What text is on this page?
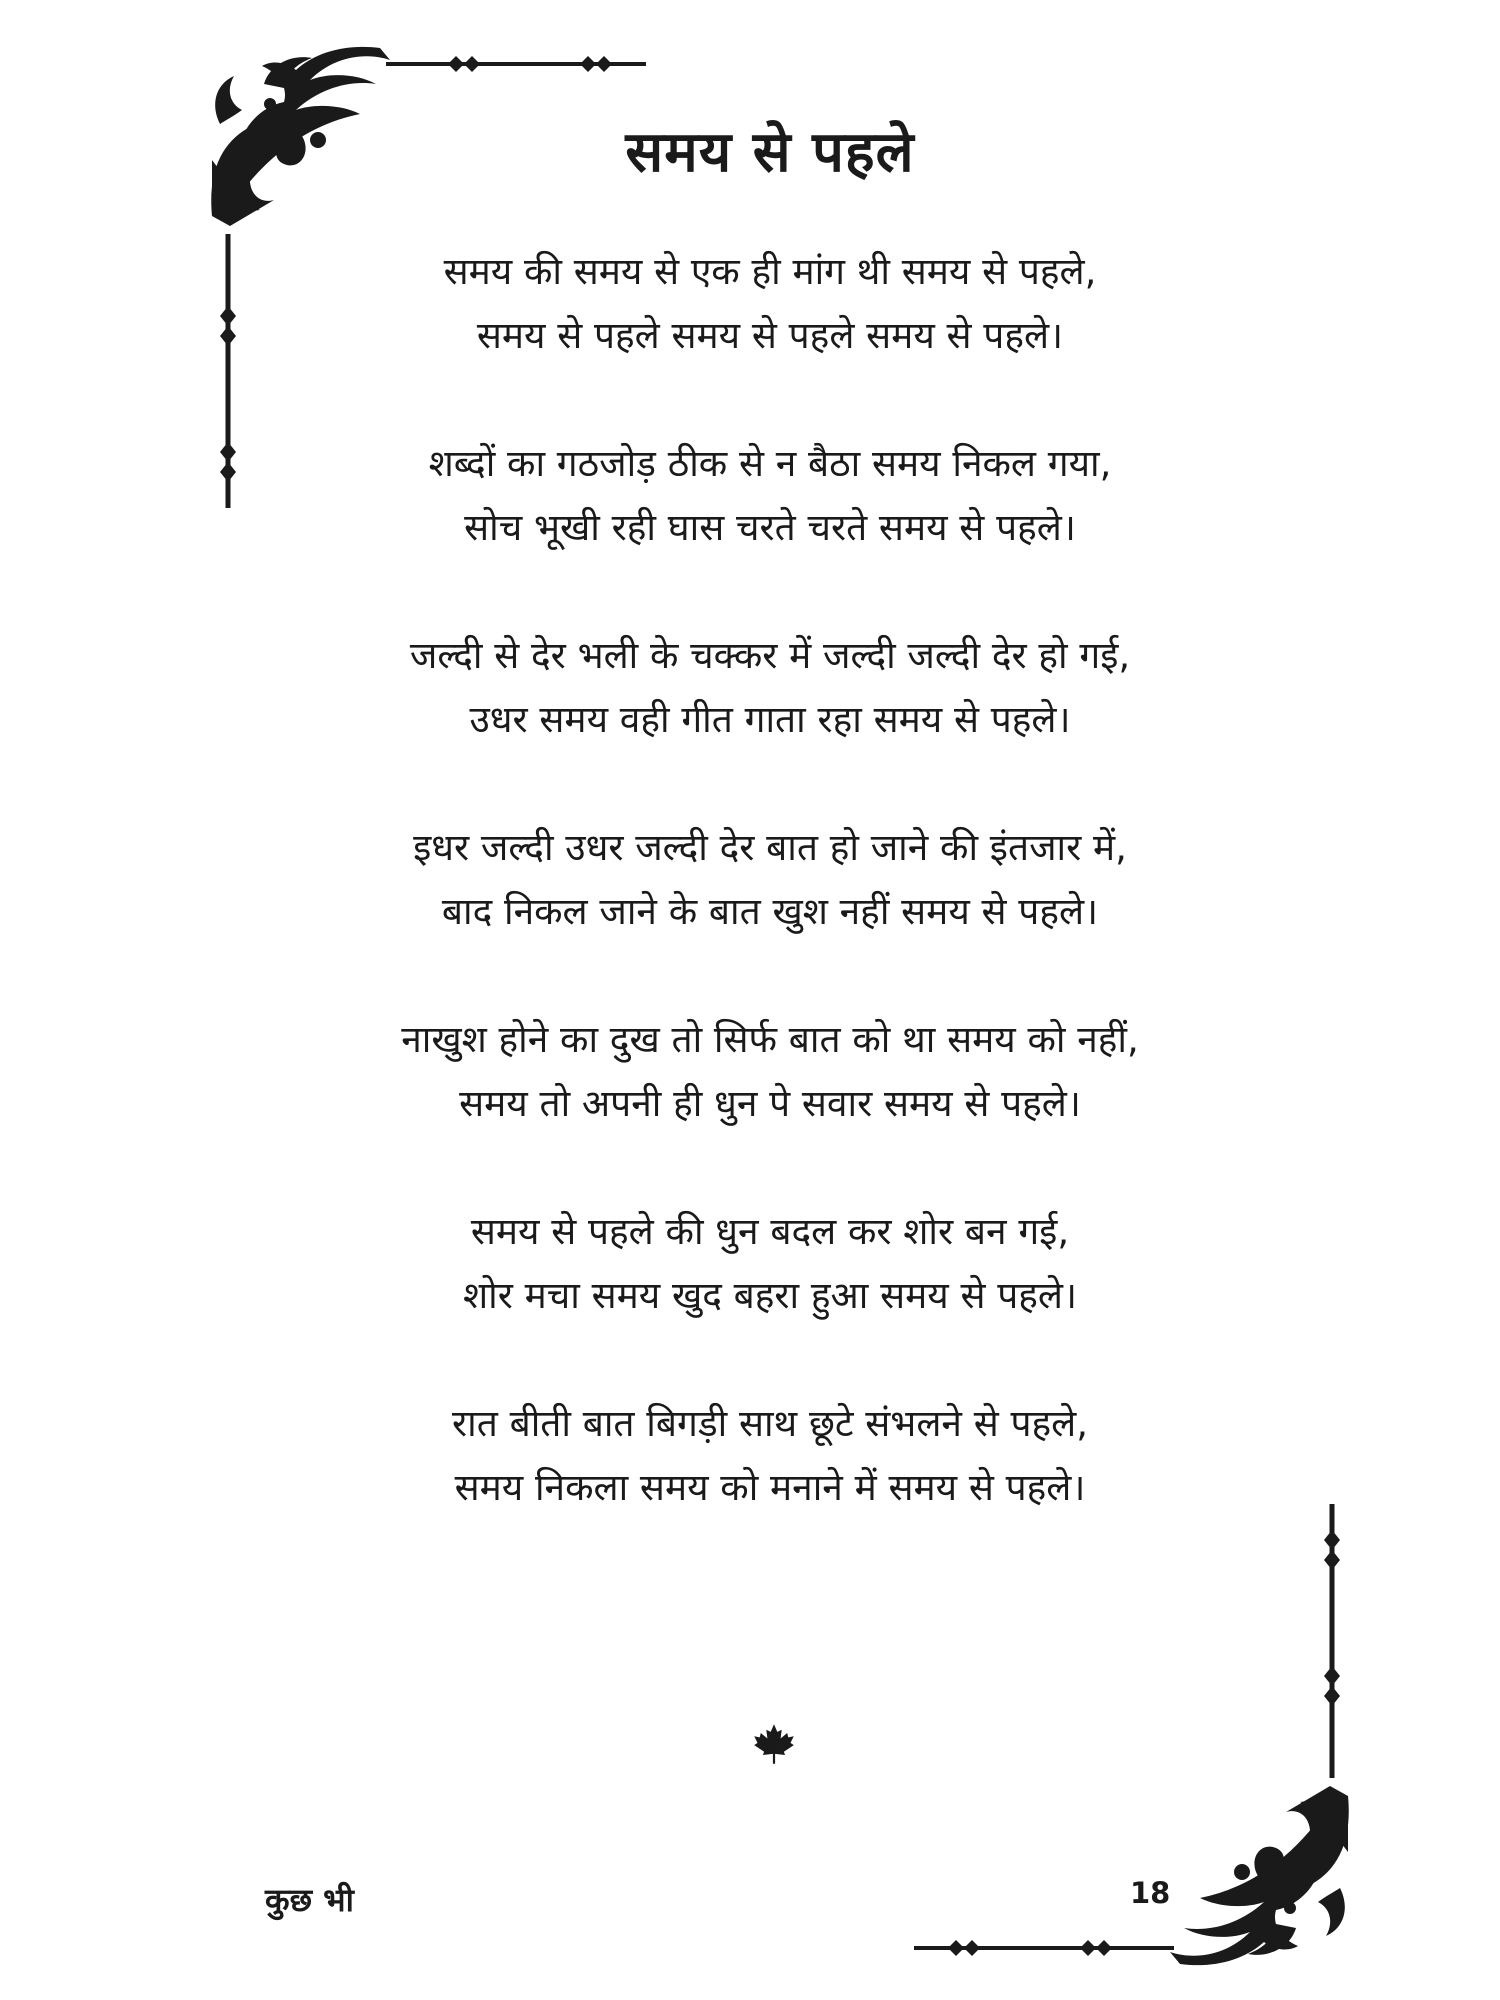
समय से पहले
समय की समय से एक ही मांग थी समय से पहले,
समय से पहले समय से पहले समय से पहले।
शब्दों का गठजोड़ ठीक से न बैठा समय निकल गया,
सोच भूखी रही घास चरते चरते समय से पहले।
जल्दी से देर भली के चक्कर में जल्दी जल्दी देर हो गई,
उधर समय वही गीत गाता रहा समय से पहले।
इधर जल्दी उधर जल्दी देर बात हो जाने की इंतजार में,
बाद निकल जाने के बात खुश नहीं समय से पहले।
नाखुश होने का दुख तो सिर्फ बात को था समय को नहीं,
समय तो अपनी ही धुन पे सवार समय से पहले।
समय से पहले की धुन बदल कर शोर बन गई,
शोर मचा समय खुद बहरा हुआ समय से पहले।
रात बीती बात बिगड़ी साथ छूटे संभलने से पहले,
समय निकला समय को मनाने में समय से पहले।
कुछ भी	18
